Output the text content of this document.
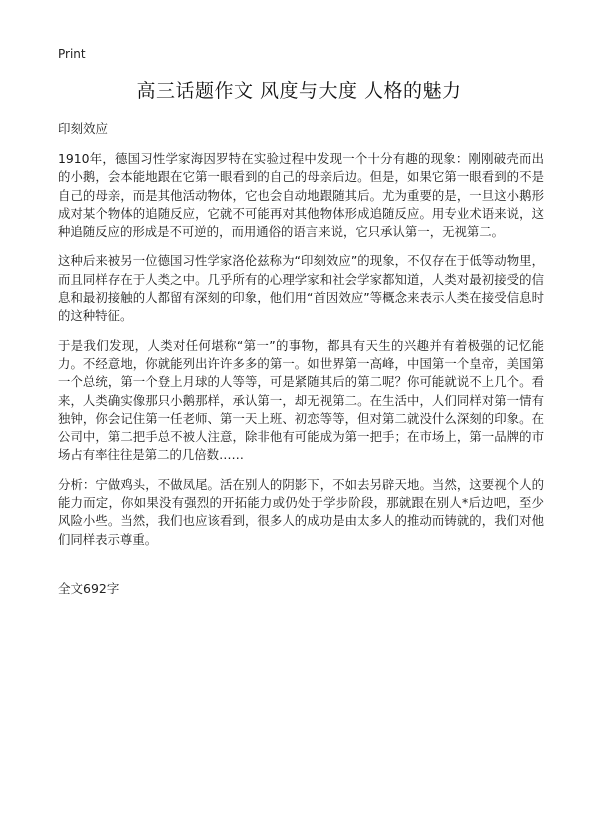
Print
高三话题作文 风度与大度 人格的魅力
印刻效应

1910年，德国习性学家海因罗特在实验过程中发现一个十分有趣的现象：刚刚破壳而出的小鹅，会本能地跟在它第一眼看到的自己的母亲后边。但是，如果它第一眼看到的不是自己的母亲，而是其他活动物体，它也会自动地跟随其后。尤为重要的是，一旦这小鹅形成对某个物体的追随反应，它就不可能再对其他物体形成追随反应。用专业术语来说，这种追随反应的形成是不可逆的，而用通俗的语言来说，它只承认第一，无视第二。

这种后来被另一位德国习性学家洛伦兹称为“印刻效应”的现象，不仅存在于低等动物里，而且同样存在于人类之中。几乎所有的心理学家和社会学家都知道，人类对最初接受的信息和最初接触的人都留有深刻的印象，他们用“首因效应”等概念来表示人类在接受信息时的这种特征。

于是我们发现，人类对任何堪称“第一”的事物，都具有天生的兴趣并有着极强的记忆能力。不经意地，你就能列出许许多多的第一。如世界第一高峰，中国第一个皇帝，美国第一个总统，第一个登上月球的人等等，可是紧随其后的第二呢？你可能就说不上几个。看来，人类确实像那只小鹅那样，承认第一，却无视第二。在生活中，人们同样对第一情有独钟，你会记住第一任老师、第一天上班、初恋等等，但对第二就没什么深刻的印象。在公司中，第二把手总不被人注意，除非他有可能成为第一把手；在市场上，第一品牌的市场占有率往往是第二的几倍数……

分析：宁做鸡头，不做凤尾。活在别人的阴影下，不如去另辟天地。当然，这要视个人的能力而定，你如果没有强烈的开拓能力或仍处于学步阶段，那就跟在别人*后边吧，至少风险小些。当然，我们也应该看到，很多人的成功是由太多人的推动而铸就的，我们对他们同样表示尊重。

全文692字
